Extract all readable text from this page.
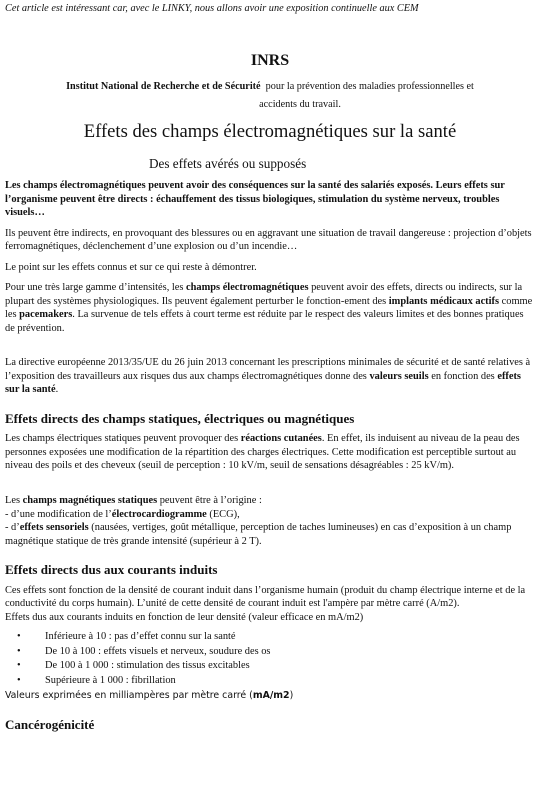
Cet article est intéressant car, avec le LINKY, nous allons avoir une exposition continuelle aux CEM

INRS
Institut National de Recherche et de Sécurité pour la prévention des maladies professionnelles et
accidents du travail.
Effets des champs électromagnétiques sur la santé
Des effets avérés ou supposés

Les champs électromagnétiques peuvent avoir des conséquences sur la santé des salariés exposés. Leurs effets sur l’organisme peuvent être directs : échauffement des tissus biologiques, stimulation du système nerveux, troubles visuels…

Ils peuvent être indirects, en provoquant des blessures ou en aggravant une situation de travail dangereuse : projection d’objets ferromagnétiques, déclenchement d’une explosion ou d’un incendie…

Le point sur les effets connus et sur ce qui reste à démontrer.

Pour une très large gamme d’intensités, les champs électromagnétiques peuvent avoir des effets, directs ou indirects, sur la plupart des systèmes physiologiques. Ils peuvent également perturber le fonction-ement des implants médicaux actifs comme les pacemakers. La survenue de tels effets à court terme est réduite par le respect des valeurs limites et des bonnes pratiques de prévention.

La directive européenne 2013/35/UE du 26 juin 2013 concernant les prescriptions minimales de sécurité et de santé relatives à l’exposition des travailleurs aux risques dus aux champs électromagnétiques donne des valeurs seuils en fonction des effets sur la santé.

Effets directs des champs statiques, électriques ou magnétiques

Les champs électriques statiques peuvent provoquer des réactions cutanées. En effet, ils induisent au niveau de la peau des personnes exposées une modification de la répartition des charges électriques. Cette modification est perceptible surtout au niveau des poils et des cheveux (seuil de perception : 10 kV/m, seuil de sensations désagréables : 25 kV/m).

Les champs magnétiques statiques peuvent être à l’origine :

- d’une modification de l’électrocardiogramme (ECG),

- d’effets sensoriels (nausées, vertiges, goût métallique, perception de taches lumineuses) en cas d’exposition à un champ magnétique statique de très grande intensité (supérieur à 2 T).

Effets directs dus aux courants induits

Ces effets sont fonction de la densité de courant induit dans l’organisme humain (produit du champ électrique interne et de la conductivité du corps humain). L’unité de cette densité de courant induit est l'ampère par mètre carré (A/m2).

Effets dus aux courants induits en fonction de leur densité (valeur efficace en mA/m2)

• Inférieure à 10 : pas d’effet connu sur la santé
• De 10 à 100 : effets visuels et nerveux, soudure des os
• De 100 à 1 000 : stimulation des tissus excitables
• Supérieure à 1 000 : fibrillation

Valeurs exprimées en milliampères par mètre carré (mA/m2)

Cancérogénicité
